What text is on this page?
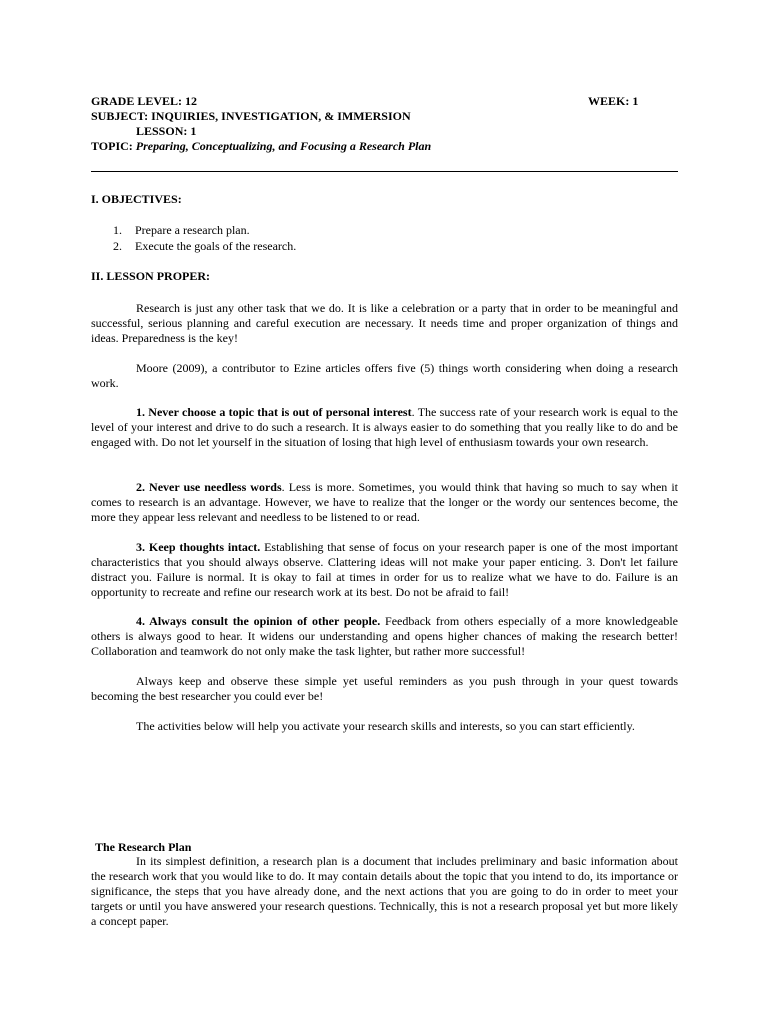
GRADE LEVEL: 12	WEEK: 1
SUBJECT: INQUIRIES, INVESTIGATION, & IMMERSION
LESSON: 1
TOPIC: Preparing, Conceptualizing, and Focusing a Research Plan
I. OBJECTIVES:
1.	Prepare a research plan.
2.	Execute the goals of the research.
II. LESSON PROPER:

Research is just any other task that we do. It is like a celebration or a party that in order to be meaningful and successful, serious planning and careful execution are necessary. It needs time and proper organization of things and ideas. Preparedness is the key!

Moore (2009), a contributor to Ezine articles offers five (5) things worth considering when doing a research work.

1. Never choose a topic that is out of personal interest. The success rate of your research work is equal to the level of your interest and drive to do such a research. It is always easier to do something that you really like to do and be engaged with. Do not let yourself in the situation of losing that high level of enthusiasm towards your own research.

2. Never use needless words. Less is more. Sometimes, you would think that having so much to say when it comes to research is an advantage. However, we have to realize that the longer or the wordy our sentences become, the more they appear less relevant and needless to be listened to or read.

3. Keep thoughts intact. Establishing that sense of focus on your research paper is one of the most important characteristics that you should always observe. Clattering ideas will not make your paper enticing. 3. Don't let failure distract you. Failure is normal. It is okay to fail at times in order for us to realize what we have to do. Failure is an opportunity to recreate and refine our research work at its best. Do not be afraid to fail!

4. Always consult the opinion of other people. Feedback from others especially of a more knowledgeable others is always good to hear. It widens our understanding and opens higher chances of making the research better! Collaboration and teamwork do not only make the task lighter, but rather more successful!

Always keep and observe these simple yet useful reminders as you push through in your quest towards becoming the best researcher you could ever be!

The activities below will help you activate your research skills and interests, so you can start efficiently.

The Research Plan

In its simplest definition, a research plan is a document that includes preliminary and basic information about the research work that you would like to do. It may contain details about the topic that you intend to do, its importance or significance, the steps that you have already done, and the next actions that you are going to do in order to meet your targets or until you have answered your research questions. Technically, this is not a research proposal yet but more likely a concept paper.
